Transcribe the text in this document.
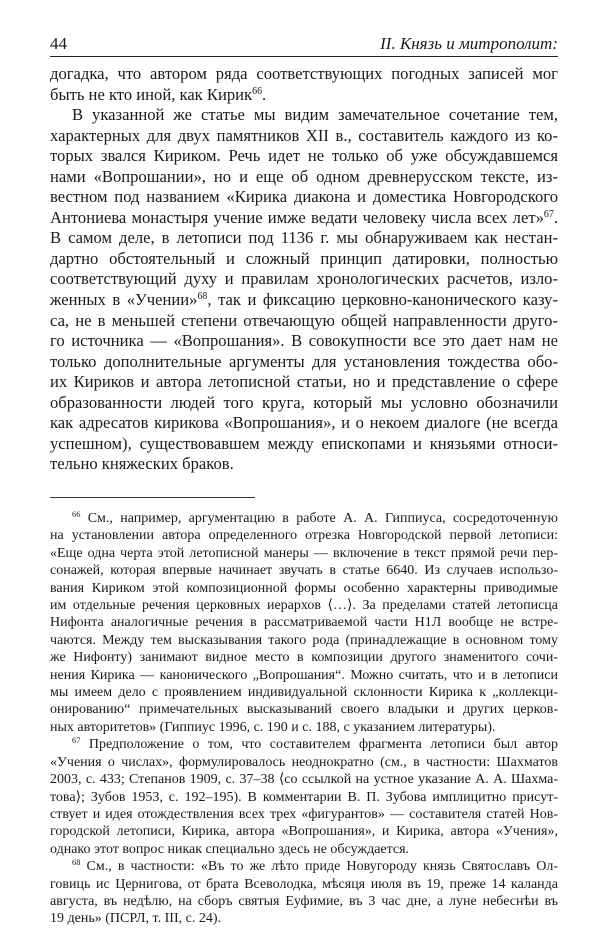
44	II. Князь и митрополит:
догадка, что автором ряда соответствующих погодных записей мог
быть не кто иной, как Кирик$^{66}$.
В указанной же статье мы видим замечательное сочетание тем,
характерных для двух памятников XII в., составитель каждого из ко-
торых звался Кириком. Речь идет не только об уже обсуждавшемся
нами «Вопрошании», но и еще об одном древнерусском тексте, из-
вестном под названием «Кирика диакона и доместика Новгородского
Антониева монастыря учение имже ведати человеку числа всех лет»$^{67}$.
В самом деле, в летописи под 1136 г. мы обнаруживаем как нестан-
дартно обстоятельный и сложный принцип датировки, полностью
соответствующий духу и правилам хронологических расчетов, изло-
женных в «Учении»$^{68}$, так и фиксацию церковно-канонического казу-
са, не в меньшей степени отвечающую общей направленности друго-
го источника — «Вопрошания». В совокупности все это дает нам не
только дополнительные аргументы для установления тождества обо-
их Кириков и автора летописной статьи, но и представление о сфере
образованности людей того круга, который мы условно обозначили
как адресатов кирикова «Вопрошания», и о некоем диалоге (не всегда
успешном), существовавшем между епископами и князьями относи-
тельно княжеских браков.
$^{66}$ См., например, аргументацию в работе А. А. Гиппиуса, сосредоточенную
на установлении автора определенного отрезка Новгородской первой летописи:
«Еще одна черта этой летописной манеры — включение в текст прямой речи пер-
сонажей, которая впервые начинает звучать в статье 6640. Из случаев использо-
вания Кириком этой композиционной формы особенно характерны приводимые
им отдельные речения церковных иерархов ⟨…⟩. За пределами статей летописца
Нифонта аналогичные речения в рассматриваемой части Н1Л вообще не встре-
чаются. Между тем высказывания такого рода (принадлежащие в основном тому
же Нифонту) занимают видное место в композиции другого знаменитого сочи-
нения Кирика — канонического „Вопрошания“. Можно считать, что и в летописи
мы имеем дело с проявлением индивидуальной склонности Кирика к „коллекци-
онированию“ примечательных высказываний своего владыки и других церков-
ных авторитетов» (Гиппиус 1996, с. 190 и с. 188, с указанием литературы).
$^{67}$ Предположение о том, что составителем фрагмента летописи был автор
«Учения о числах», формулировалось неоднократно (см., в частности: Шахматов
2003, с. 433; Степанов 1909, с. 37–38 ⟨со ссылкой на устное указание А. А. Шахма-
това⟩; Зубов 1953, с. 192–195). В комментарии В. П. Зубова имплицитно присут-
ствует и идея отождествления всех трех «фигурантов» — составителя статей Нов-
городской летописи, Кирика, автора «Вопрошания», и Кирика, автора «Учения»,
однако этот вопрос никак специально здесь не обсуждается.
$^{68}$ См., в частности: «Въ то же лѣто приде Новугороду князь Святославъ Ол-
говиць ис Цернигова, от брата Всеволодка, мѣсяця июля въ 19, преже 14 каланда
августа, въ недѣлю, на сборъ святыя Еуфимие, въ 3 час дне, а луне небеснѣи въ
19 день» (ПСРЛ, т. III, с. 24).
